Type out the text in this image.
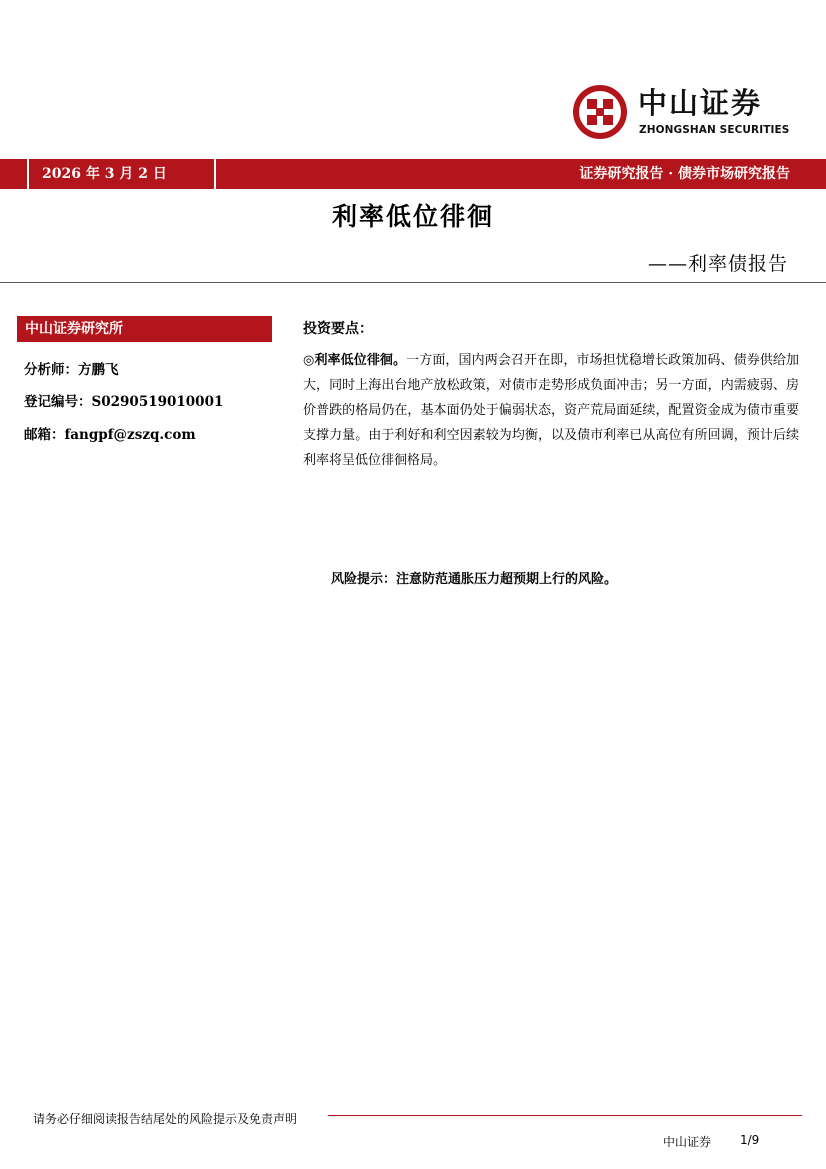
中山证券
ZHONGSHAN SECURITIES
2026 年 3 月 2 日	证券研究报告 · 债券市场研究报告
利率低位徘徊
——利率债报告
中山证券研究所
分析师：方鹏飞
登记编号：S0290519010001
邮箱：fangpf@zszq.com
投资要点：
◎利率低位徘徊。一方面，国内两会召开在即，市场担忧稳增长政策加码、债券供给加大，同时上海出台地产放松政策，对债市走势形成负面冲击；另一方面，内需疲弱、房价普跌的格局仍在，基本面仍处于偏弱状态，资产荒局面延续，配置资金成为债市重要支撑力量。由于利好和利空因素较为均衡，以及债市利率已从高位有所回调，预计后续利率将呈低位徘徊格局。
风险提示：注意防范通胀压力超预期上行的风险。
请务必仔细阅读报告结尾处的风险提示及免责声明
中山证券 1/9
